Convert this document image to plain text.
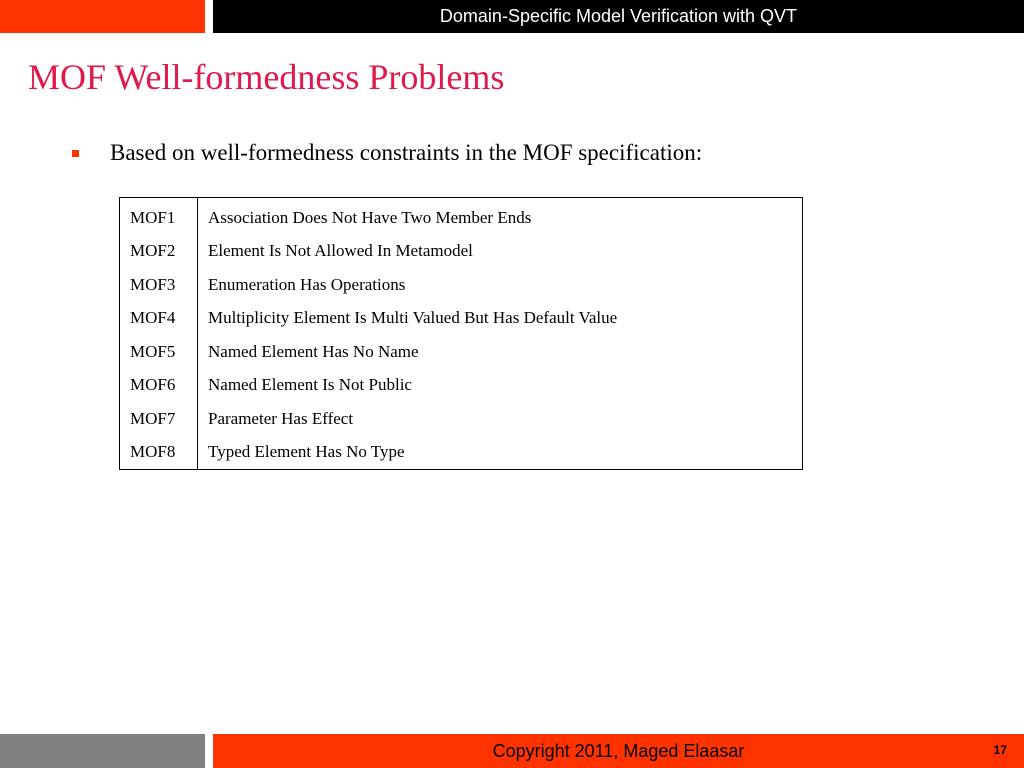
Domain-Specific Model Verification with QVT
MOF Well-formedness Problems
Based on well-formedness constraints in the MOF specification:
MOF1	Association Does Not Have Two Member Ends
MOF2	Element Is Not Allowed In Metamodel
MOF3	Enumeration Has Operations
MOF4	Multiplicity Element Is Multi Valued But Has Default Value
MOF5	Named Element Has No Name
MOF6	Named Element Is Not Public
MOF7	Parameter Has Effect
MOF8	Typed Element Has No Type
Copyright 2011, Maged Elaasar	17
